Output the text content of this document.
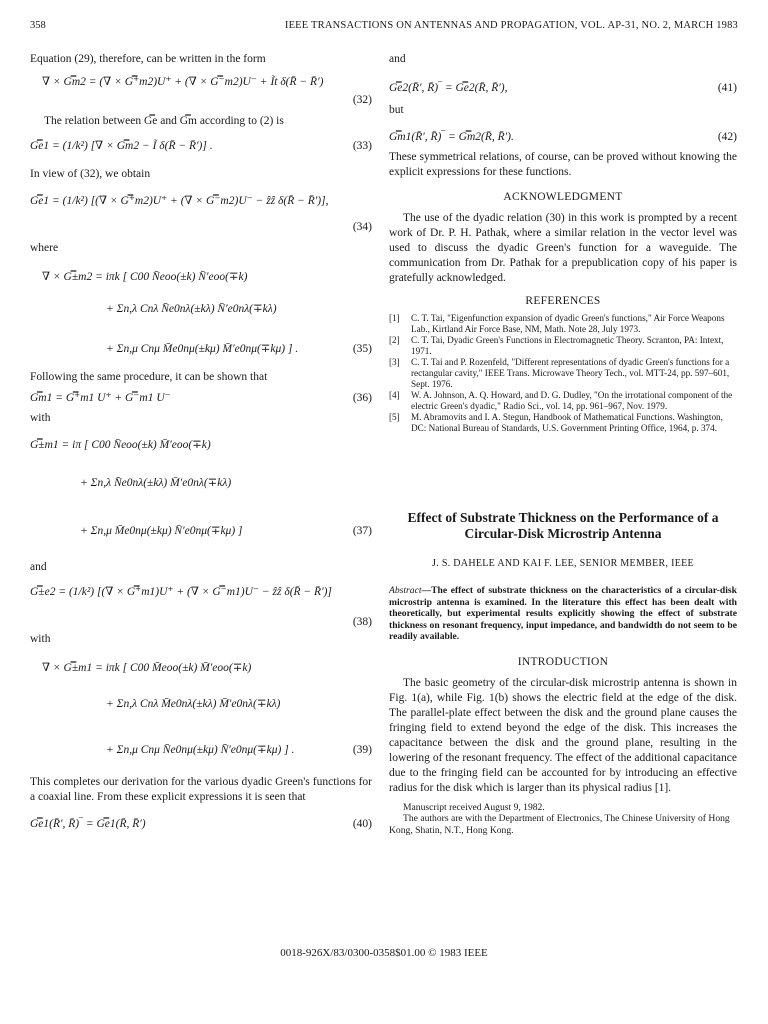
358	IEEE TRANSACTIONS ON ANTENNAS AND PROPAGATION, VOL. AP-31, NO. 2, MARCH 1983

Equation (29), therefore, can be written in the form

∇ × G̿m2 = (∇ × G̿⁺m2)U⁺ + (∇ × G̿⁻m2)U⁻ + Ĩt δ(R̄ − R̄′)
(32)

The relation between G̿e and G̿m according to (2) is

G̿e1 = (1/k²) [∇ × G̿m2 − Ĩ δ(R̄ − R̄′)] .	(33)

In view of (32), we obtain

G̿e1 = (1/k²) [(∇ × G̿⁺m2)U⁺ + (∇ × G̿⁻m2)U⁻ − ẑẑ δ(R̄ − R̄′)],
(34)

where

∇ × G̿±m2 = iπk [ C00 N̄eoo(±k) N̄′eoo(∓k)
+ Σn,λ Cnλ N̄e0nλ(±kλ) N̄′e0nλ(∓kλ)
+ Σn,μ Cnμ M̄e0nμ(±kμ) M̄′e0nμ(∓kμ) ] .	(35)

Following the same procedure, it can be shown that

G̿m1 = G̿⁺m1 U⁺ + G̿⁻m1 U⁻	(36)

with

G̿±m1 = iπ [ C00 N̄eoo(±k) M̄′eoo(∓k)
+ Σn,λ N̄e0nλ(±kλ) M̄′e0nλ(∓kλ)
+ Σn,μ M̄e0nμ(±kμ) N̄′e0nμ(∓kμ) ]	(37)

and

G̿±e2 = (1/k²) [(∇ × G̿⁺m1)U⁺ + (∇ × G̿⁻m1)U⁻ − ẑẑ δ(R̄ − R̄′)]
(38)

with

∇ × G̿±m1 = iπk [ C00 M̄eoo(±k) M̄′eoo(∓k)
+ Σn,λ Cnλ M̄e0nλ(±kλ) M̄′e0nλ(∓kλ)
+ Σn,μ Cnμ N̄e0nμ(±kμ) N̄′e0nμ(∓kμ) ] .	(39)

This completes our derivation for the various dyadic Green's functions for a coaxial line. From these explicit expressions it is seen that

G̿e1(R̄′, R̄)‾ = G̿e1(R̄, R̄′)	(40)

and

G̿e2(R̄′, R̄)‾ = G̿e2(R̄, R̄′),	(41)

but

G̿m1(R̄′, R̄)‾ = G̿m2(R̄, R̄′).	(42)

These symmetrical relations, of course, can be proved without knowing the explicit expressions for these functions.

ACKNOWLEDGMENT

The use of the dyadic relation (30) in this work is prompted by a recent work of Dr. P. H. Pathak, where a similar relation in the vector level was used to discuss the dyadic Green's function for a waveguide. The communication from Dr. Pathak for a prepublication copy of his paper is gratefully acknowledged.

REFERENCES

[1]	C. T. Tai, "Eigenfunction expansion of dyadic Green's functions," Air Force Weapons Lab., Kirtland Air Force Base, NM, Math. Note 28, July 1973.
[2]	C. T. Tai, Dyadic Green's Functions in Electromagnetic Theory. Scranton, PA: Intext, 1971.
[3]	C. T. Tai and P. Rozenfeld, "Different representations of dyadic Green's functions for a rectangular cavity," IEEE Trans. Microwave Theory Tech., vol. MTT-24, pp. 597–601, Sept. 1976.
[4]	W. A. Johnson, A. Q. Howard, and D. G. Dudley, "On the irrotational component of the electric Green's dyadic," Radio Sci., vol. 14, pp. 961–967, Nov. 1979.
[5]	M. Abramovits and I. A. Stegun, Handbook of Mathematical Functions. Washington, DC: National Bureau of Standards, U.S. Government Printing Office, 1964, p. 374.

Effect of Substrate Thickness on the Performance of a Circular-Disk Microstrip Antenna

J. S. DAHELE AND KAI F. LEE, SENIOR MEMBER, IEEE

Abstract—The effect of substrate thickness on the characteristics of a circular-disk microstrip antenna is examined. In the literature this effect has been dealt with theoretically, but experimental results explicitly showing the effect of substrate thickness on resonant frequency, input impedance, and bandwidth do not seem to be readily available.

INTRODUCTION

The basic geometry of the circular-disk microstrip antenna is shown in Fig. 1(a), while Fig. 1(b) shows the electric field at the edge of the disk. The parallel-plate effect between the disk and the ground plane causes the fringing field to extend beyond the edge of the disk. This increases the capacitance between the disk and the ground plane, resulting in the lowering of the resonant frequency. The effect of the additional capacitance due to the fringing field can be accounted for by introducing an effective radius for the disk which is larger than its physical radius [1].

Manuscript received August 9, 1982.

The authors are with the Department of Electronics, The Chinese University of Hong Kong, Shatin, N.T., Hong Kong.

0018-926X/83/0300-0358$01.00 © 1983 IEEE
